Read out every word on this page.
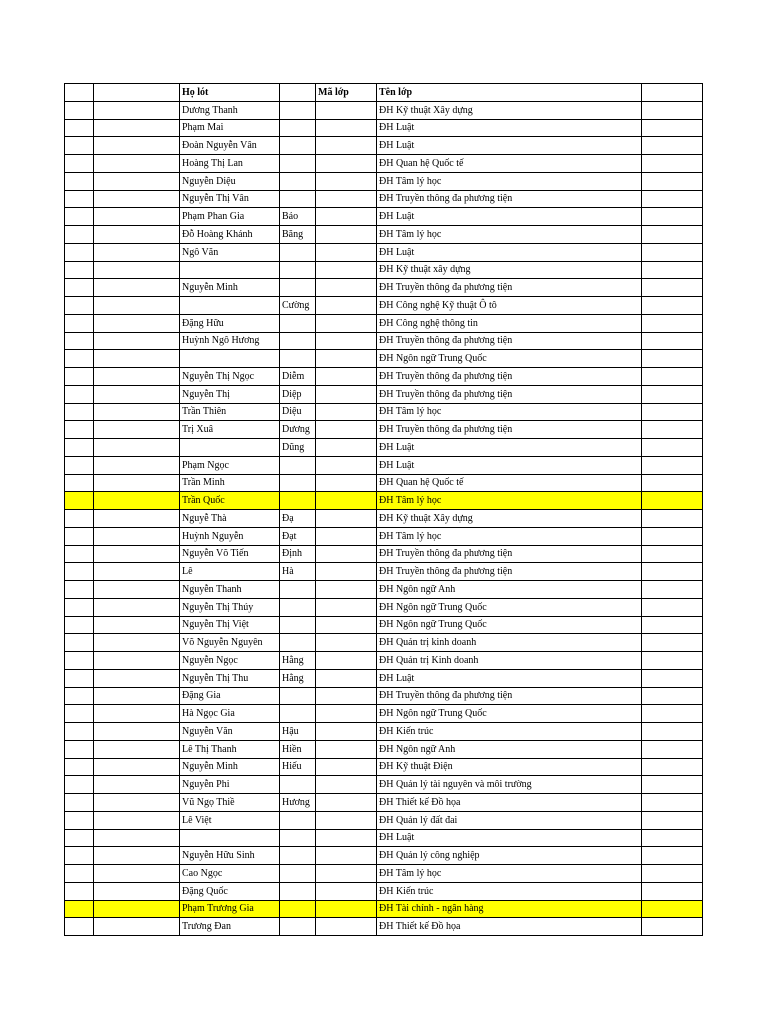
		Họ lót		Mã lớp	Tên lớp	
		Dương Thanh			ĐH Kỹ thuật Xây dựng	
		Phạm Mai			ĐH Luật	
		Đoàn Nguyễn Vân			ĐH Luật	
		Hoàng Thị Lan			ĐH Quan hệ Quốc tế	
		Nguyễn Diệu			ĐH Tâm lý học	
		Nguyễn Thị Vân			ĐH Truyền thông đa phương tiện	
		Phạm Phan Gia	Bảo		ĐH Luật	
		Đỗ Hoàng Khánh	Băng		ĐH Tâm lý học	
		Ngô Văn			ĐH Luật	
					ĐH Kỹ thuật xây dựng	
		Nguyễn Minh			ĐH Truyền thông đa phương tiện	
			Cường		ĐH Công nghệ Kỹ thuật Ô tô	
		Đặng Hữu			ĐH Công nghệ thông tin	
		Huỳnh Ngô Hương			ĐH Truyền thông đa phương tiện	
					ĐH Ngôn ngữ Trung Quốc	
		Nguyễn Thị Ngọc	Diễm		ĐH Truyền thông đa phương tiện	
		Nguyễn Thị	Diệp		ĐH Truyền thông đa phương tiện	
		Trần Thiên	Diệu		ĐH Tâm lý học	
		Trị Xuâ	Dương		ĐH Truyền thông đa phương tiện	
			Dũng		ĐH Luật	
		Phạm Ngọc			ĐH Luật	
		Trần Minh			ĐH Quan hệ Quốc tế	
		Trần Quốc			ĐH Tâm lý học	
		Nguyễ Thà	Đạ		ĐH Kỹ thuật Xây dựng	
		Huỳnh Nguyễn	Đạt		ĐH Tâm lý học	
		Nguyễn Võ Tiến	Định		ĐH Truyền thông đa phương tiện	
		Lê	Hà		ĐH Truyền thông đa phương tiện	
		Nguyễn Thanh			ĐH Ngôn ngữ Anh	
		Nguyễn Thị Thúy			ĐH Ngôn ngữ Trung Quốc	
		Nguyễn Thị Việt			ĐH Ngôn ngữ Trung Quốc	
		Võ Nguyễn Nguyên			ĐH Quản trị kinh doanh	
		Nguyễn Ngọc	Hằng		ĐH Quản trị Kinh doanh	
		Nguyễn Thị Thu	Hằng		ĐH Luật	
		Đặng Gia			ĐH Truyền thông đa phương tiện	
		Hà Ngọc Gia			ĐH Ngôn ngữ Trung Quốc	
		Nguyễn Văn	Hậu		ĐH Kiến trúc	
		Lê Thị Thanh	Hiền		ĐH Ngôn ngữ Anh	
		Nguyễn Minh	Hiếu		ĐH Kỹ thuật Điện	
		Nguyễn Phi			ĐH Quản lý tài nguyên và môi trường	
		Vũ Ngọ Thiề	Hương		ĐH Thiết kế Đồ họa	
		Lê Việt			ĐH Quản lý đất đai	
					ĐH Luật	
		Nguyễn Hữu Sinh			ĐH Quản lý công nghiệp	
		Cao Ngọc			ĐH Tâm lý học	
		Đặng Quốc			ĐH Kiến trúc	
		Phạm Trương Gia			ĐH Tài chính - ngân hàng	
		Trương Đan			ĐH Thiết kế Đồ họa	
